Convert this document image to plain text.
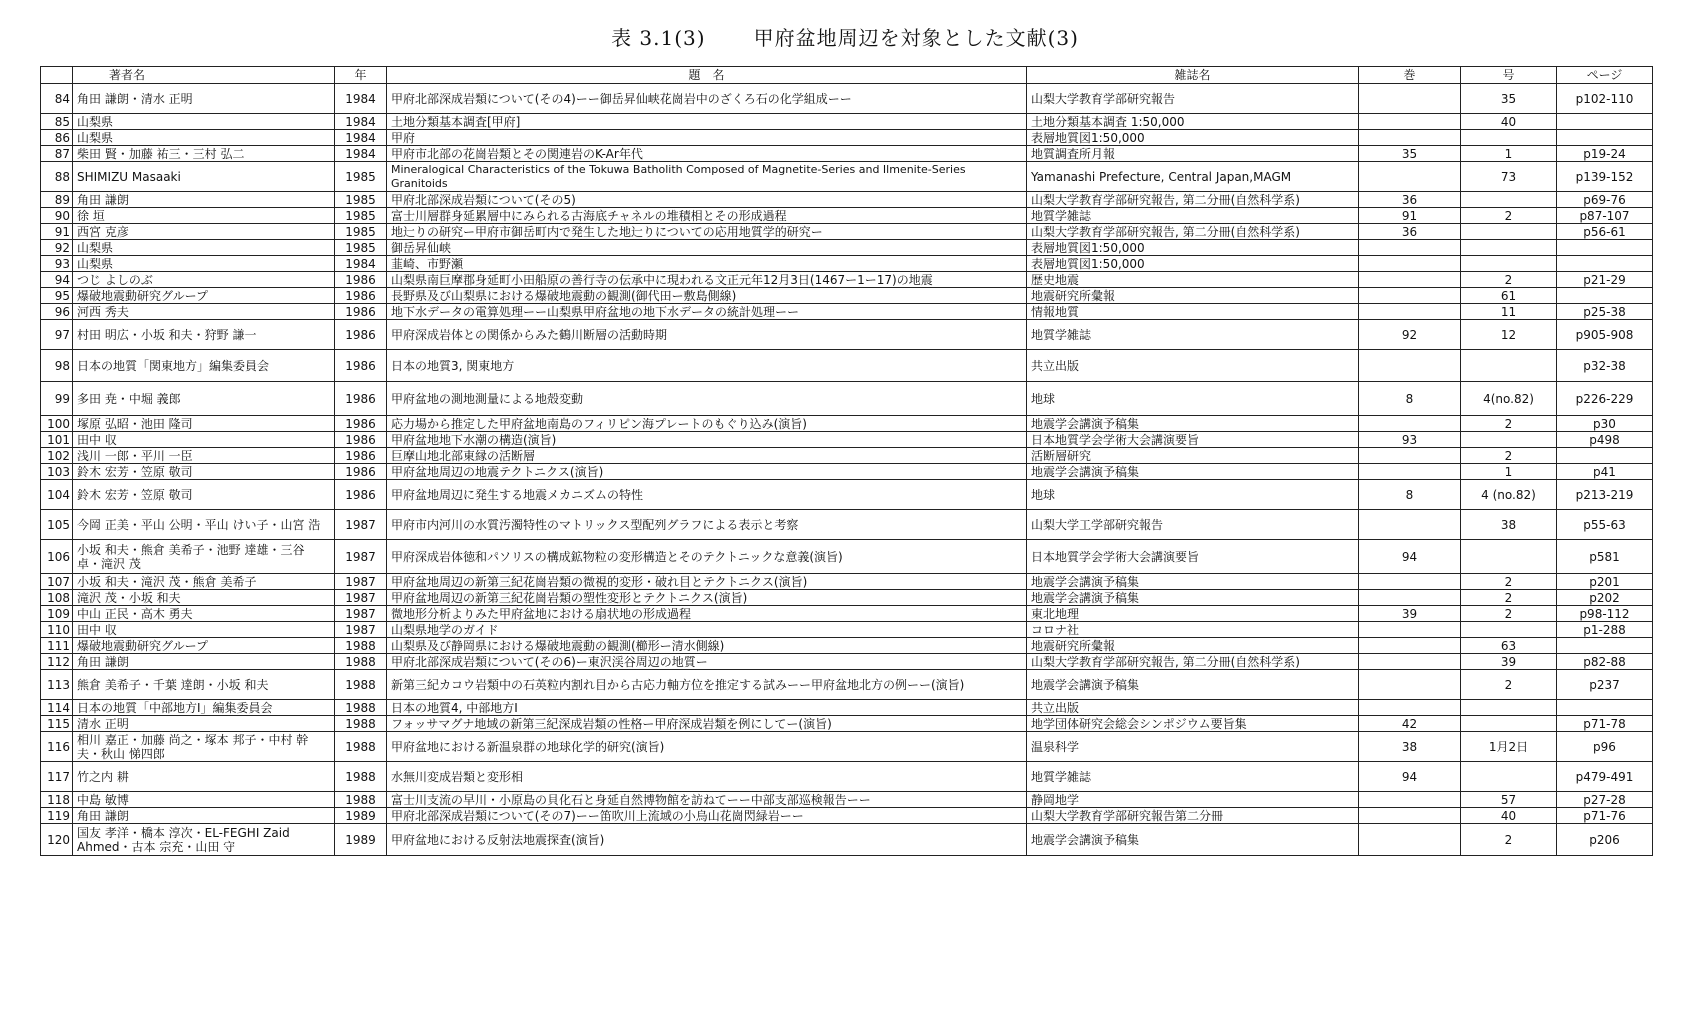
表 3.1(3) 甲府盆地周辺を対象とした文献(3)
	著者名	年	題　名	雑誌名	巻	号	ページ
84	角田 謙朗・清水 正明	1984	甲府北部深成岩類について(その4)ーー御岳昇仙峡花崗岩中のざくろ石の化学組成ーー	山梨大学教育学部研究報告		35	p102-110
85	山梨県	1984	土地分類基本調査[甲府]	土地分類基本調査 1:50,000		40	
86	山梨県	1984	甲府	表層地質図1:50,000			
87	柴田 賢・加藤 祐三・三村 弘二	1984	甲府市北部の花崗岩類とその関連岩のK-Ar年代	地質調査所月報	35	1	p19-24
88	SHIMIZU Masaaki	1985	Mineralogical Characteristics of the Tokuwa Batholith Composed of Magnetite-Series and Ilmenite-Series Granitoids	Yamanashi Prefecture, Central Japan,MAGM		73	p139-152
89	角田 謙朗	1985	甲府北部深成岩類について(その5)	山梨大学教育学部研究報告, 第二分冊(自然科学系)	36		p69-76
90	徐 垣	1985	富士川層群身延累層中にみられる古海底チャネルの堆積相とその形成過程	地質学雑誌	91	2	p87-107
91	西宮 克彦	1985	地辷りの研究ー甲府市御岳町内で発生した地辷りについての応用地質学的研究ー	山梨大学教育学部研究報告, 第二分冊(自然科学系)	36		p56-61
92	山梨県	1985	御岳昇仙峡	表層地質図1:50,000			
93	山梨県	1984	韮崎、市野瀬	表層地質図1:50,000			
94	つじ よしのぶ	1986	山梨県南巨摩郡身延町小田船原の善行寺の伝承中に現われる文正元年12月3日(1467ー1ー17)の地震	歴史地震		2	p21-29
95	爆破地震動研究グループ	1986	長野県及び山梨県における爆破地震動の観測(御代田ー敷島側線)	地震研究所彙報		61	
96	河西 秀夫	1986	地下水データの電算処理ーー山梨県甲府盆地の地下水データの統計処理ーー	情報地質		11	p25-38
97	村田 明広・小坂 和夫・狩野 謙一	1986	甲府深成岩体との関係からみた鶴川断層の活動時期	地質学雑誌	92	12	p905-908
98	日本の地質「関東地方」編集委員会	1986	日本の地質3, 関東地方	共立出版			p32-38
99	多田 尭・中堀 義郎	1986	甲府盆地の測地測量による地殻変動	地球	8	4(no.82)	p226-229
100	塚原 弘昭・池田 隆司	1986	応力場から推定した甲府盆地南島のフィリピン海プレートのもぐり込み(演旨)	地震学会講演予稿集		2	p30
101	田中 収	1986	甲府盆地地下水潮の構造(演旨)	日本地質学会学術大会講演要旨	93		p498
102	浅川 一郎・平川 一臣	1986	巨摩山地北部東縁の活断層	活断層研究		2	
103	鈴木 宏芳・笠原 敬司	1986	甲府盆地周辺の地震テクトニクス(演旨)	地震学会講演予稿集		1	p41
104	鈴木 宏芳・笠原 敬司	1986	甲府盆地周辺に発生する地震メカニズムの特性	地球	8	4 (no.82)	p213-219
105	今岡 正美・平山 公明・平山 けい子・山宮 浩	1987	甲府市内河川の水質汚濁特性のマトリックス型配列グラフによる表示と考察	山梨大学工学部研究報告		38	p55-63
106	小坂 和夫・熊倉 美希子・池野 達雄・三谷 卓・滝沢 茂	1987	甲府深成岩体徳和パソリスの構成鉱物粒の変形構造とそのテクトニックな意義(演旨)	日本地質学会学術大会講演要旨	94		p581
107	小坂 和夫・滝沢 茂・熊倉 美希子	1987	甲府盆地周辺の新第三紀花崗岩類の微視的変形・破れ目とテクトニクス(演旨)	地震学会講演予稿集		2	p201
108	滝沢 茂・小坂 和夫	1987	甲府盆地周辺の新第三紀花崗岩類の塑性変形とテクトニクス(演旨)	地震学会講演予稿集		2	p202
109	中山 正民・高木 勇夫	1987	微地形分析よりみた甲府盆地における扇状地の形成過程	東北地理	39	2	p98-112
110	田中 収	1987	山梨県地学のガイド	コロナ社			p1-288
111	爆破地震動研究グループ	1988	山梨県及び静岡県における爆破地震動の観測(櫛形ー清水側線)	地震研究所彙報		63	
112	角田 謙朗	1988	甲府北部深成岩類について(その6)ー東沢渓谷周辺の地質ー	山梨大学教育学部研究報告, 第二分冊(自然科学系)		39	p82-88
113	熊倉 美希子・千葉 達朗・小坂 和夫	1988	新第三紀カコウ岩類中の石英粒内割れ目から古応力軸方位を推定する試みーー甲府盆地北方の例ーー(演旨)	地震学会講演予稿集		2	p237
114	日本の地質「中部地方Ⅰ」編集委員会	1988	日本の地質4, 中部地方Ⅰ	共立出版			
115	清水 正明	1988	フォッサマグナ地域の新第三紀深成岩類の性格ー甲府深成岩類を例にしてー(演旨)	地学団体研究会総会シンポジウム要旨集	42		p71-78
116	相川 嘉正・加藤 尚之・塚本 邦子・中村 幹夫・秋山 悌四郎	1988	甲府盆地における新温泉群の地球化学的研究(演旨)	温泉科学	38	1月2日	p96
117	竹之内 耕	1988	水無川変成岩類と変形相	地質学雑誌	94		p479-491
118	中島 敏博	1988	富士川支流の早川・小原島の貝化石と身延自然博物館を訪ねてーー中部支部巡検報告ーー	静岡地学		57	p27-28
119	角田 謙朗	1989	甲府北部深成岩類について(その7)ーー笛吹川上流域の小烏山花崗閃緑岩ーー	山梨大学教育学部研究報告第二分冊		40	p71-76
120	国友 孝洋・橋本 淳次・EL-FEGHI Zaid Ahmed・古本 宗充・山田 守	1989	甲府盆地における反射法地震探査(演旨)	地震学会講演予稿集		2	p206
